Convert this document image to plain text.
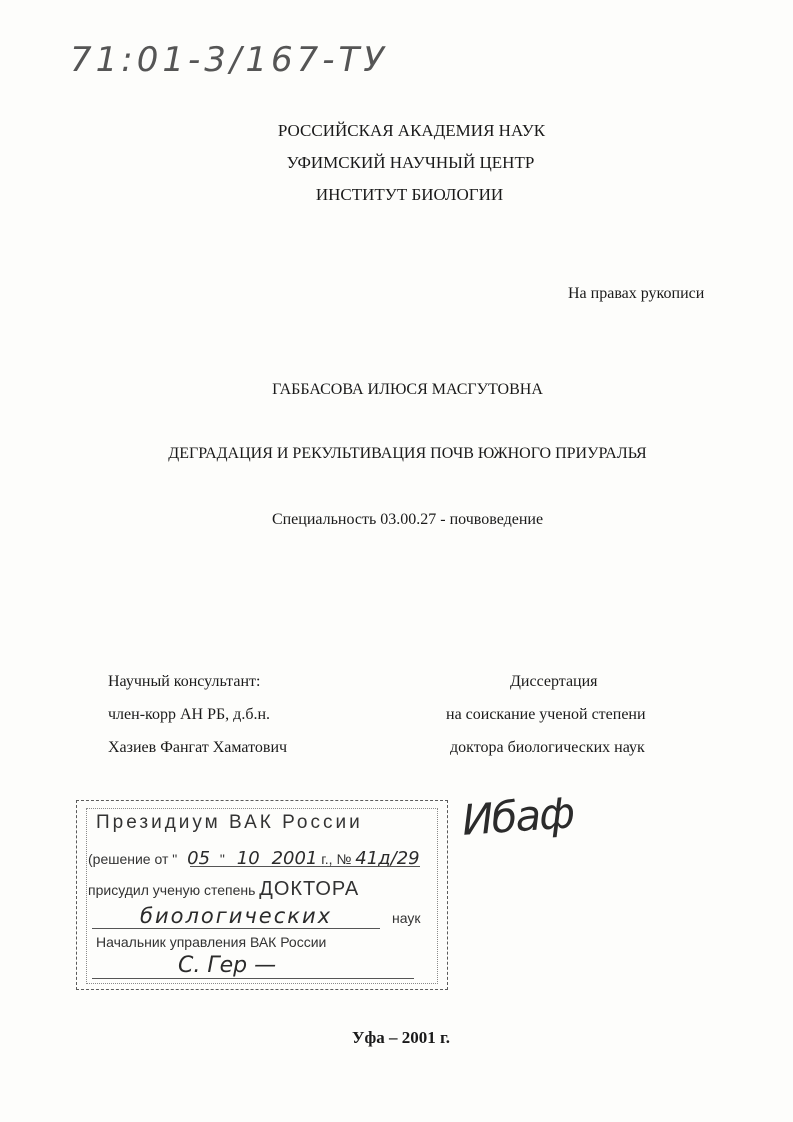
71:01-3/167-ТУ
РОССИЙСКАЯ АКАДЕМИЯ НАУК
УФИМСКИЙ НАУЧНЫЙ ЦЕНТР
ИНСТИТУТ БИОЛОГИИ
На правах рукописи
ГАББАСОВА ИЛЮСЯ МАСГУТОВНА
ДЕГРАДАЦИЯ И РЕКУЛЬТИВАЦИЯ ПОЧВ ЮЖНОГО ПРИУРАЛЬЯ
Специальность 03.00.27 - почвоведение
Научный консультант:
член-корр АН РБ, д.б.н.
Хазиев Фангат Хаматович
Диссертация
на соискание ученой степени
доктора биологических наук
Президиум ВАК России
(решение от " 05 " 10 2001 г., № 41д/29
присудил ученую степень ДОКТОРА
биологических	наук
Начальник управления ВАК России
С. Гер —
Ибаф
Уфа – 2001 г.
